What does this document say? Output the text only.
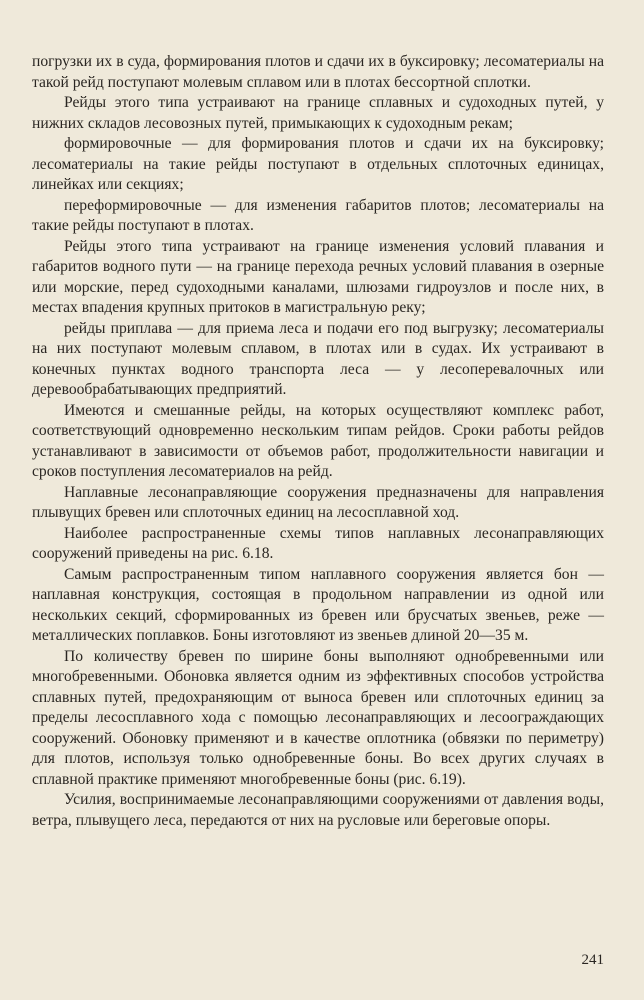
погрузки их в суда, формирования плотов и сдачи их в буксировку; лесоматериалы на такой рейд поступают молевым сплавом или в плотах бессортной сплотки.

Рейды этого типа устраивают на границе сплавных и судоходных путей, у нижних складов лесовозных путей, примыкающих к судоходным рекам;

формировочные — для формирования плотов и сдачи их на буксировку; лесоматериалы на такие рейды поступают в отдельных сплоточных единицах, линейках или секциях;

переформировочные — для изменения габаритов плотов; лесоматериалы на такие рейды поступают в плотах.

Рейды этого типа устраивают на границе изменения условий плавания и габаритов водного пути — на границе перехода речных условий плавания в озерные или морские, перед судоходными каналами, шлюзами гидроузлов и после них, в местах впадения крупных притоков в магистральную реку;

рейды приплава — для приема леса и подачи его под выгрузку; лесоматериалы на них поступают молевым сплавом, в плотах или в судах. Их устраивают в конечных пунктах водного транспорта леса — у лесоперевалочных или деревообрабатывающих предприятий.

Имеются и смешанные рейды, на которых осуществляют комплекс работ, соответствующий одновременно нескольким типам рейдов. Сроки работы рейдов устанавливают в зависимости от объемов работ, продолжительности навигации и сроков поступления лесоматериалов на рейд.

Наплавные лесонаправляющие сооружения предназначены для направления плывущих бревен или сплоточных единиц на лесосплавной ход.

Наиболее распространенные схемы типов наплавных лесонаправляющих сооружений приведены на рис. 6.18.

Самым распространенным типом наплавного сооружения является бон — наплавная конструкция, состоящая в продольном направлении из одной или нескольких секций, сформированных из бревен или брусчатых звеньев, реже — металлических поплавков. Боны изготовляют из звеньев длиной 20—35 м.

По количеству бревен по ширине боны выполняют однобревенными или многобревенными. Обоновка является одним из эффективных способов устройства сплавных путей, предохраняющим от выноса бревен или сплоточных единиц за пределы лесосплавного хода с помощью лесонаправляющих и лесоограждающих сооружений. Обоновку применяют и в качестве оплотника (обвязки по периметру) для плотов, используя только однобревенные боны. Во всех других случаях в сплавной практике применяют многобревенные боны (рис. 6.19).

Усилия, воспринимаемые лесонаправляющими сооружениями от давления воды, ветра, плывущего леса, передаются от них на русловые или береговые опоры.

241
